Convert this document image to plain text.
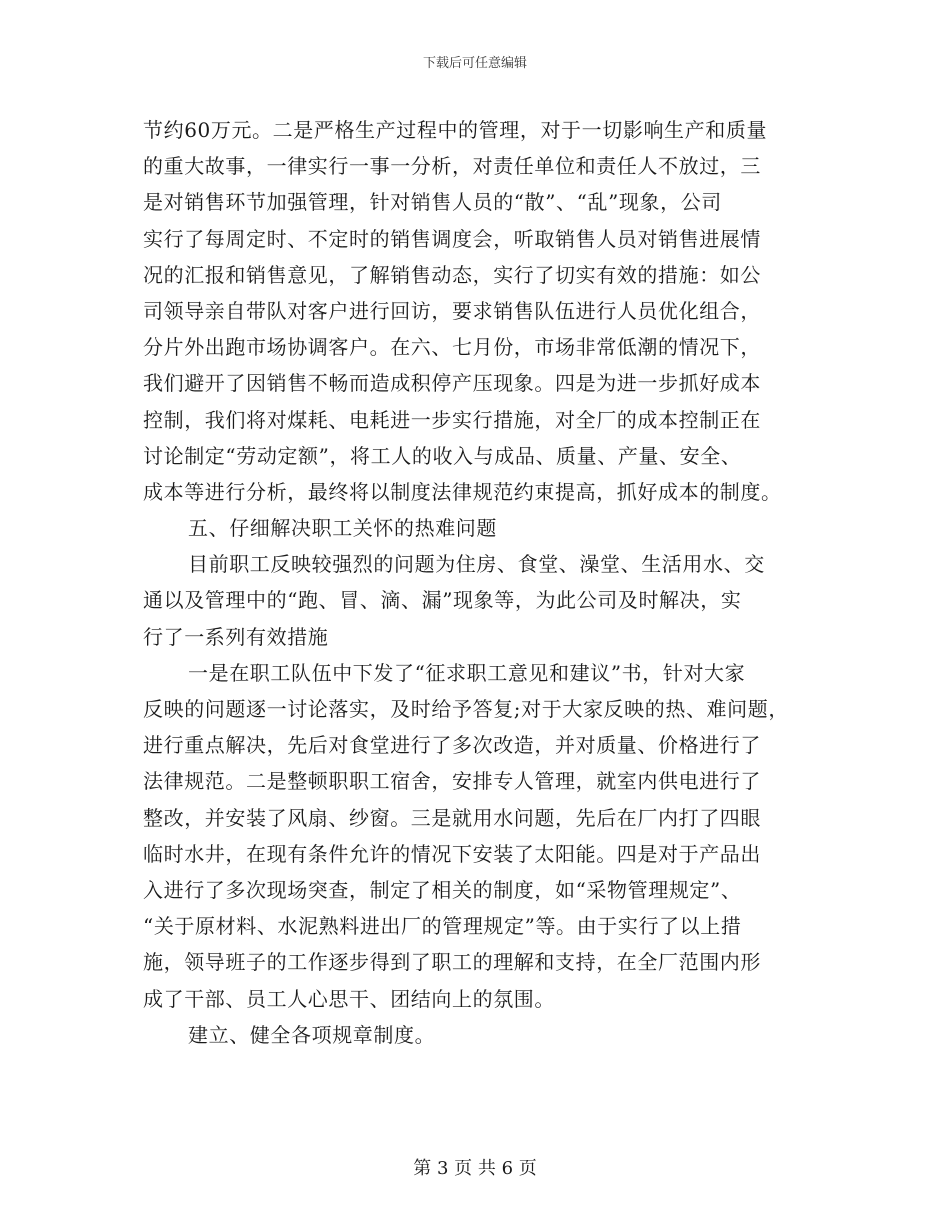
下载后可任意编辑
节约60万元。二是严格生产过程中的管理，对于一切影响生产和质量
的重大故事，一律实行一事一分析，对责任单位和责任人不放过，三
是对销售环节加强管理，针对销售人员的“散”、“乱”现象，公司
实行了每周定时、不定时的销售调度会，听取销售人员对销售进展情
况的汇报和销售意见，了解销售动态，实行了切实有效的措施：如公
司领导亲自带队对客户进行回访，要求销售队伍进行人员优化组合，
分片外出跑市场协调客户。在六、七月份，市场非常低潮的情况下，
我们避开了因销售不畅而造成积停产压现象。四是为进一步抓好成本
控制，我们将对煤耗、电耗进一步实行措施，对全厂的成本控制正在
讨论制定“劳动定额”，将工人的收入与成品、质量、产量、安全、
成本等进行分析，最终将以制度法律规范约束提高，抓好成本的制度。
五、仔细解决职工关怀的热难问题
目前职工反映较强烈的问题为住房、食堂、澡堂、生活用水、交
通以及管理中的“跑、冒、滴、漏”现象等，为此公司及时解决，实
行了一系列有效措施
一是在职工队伍中下发了“征求职工意见和建议”书，针对大家
反映的问题逐一讨论落实，及时给予答复;对于大家反映的热、难问题，
进行重点解决，先后对食堂进行了多次改造，并对质量、价格进行了
法律规范。二是整顿职职工宿舍，安排专人管理，就室内供电进行了
整改，并安装了风扇、纱窗。三是就用水问题，先后在厂内打了四眼
临时水井，在现有条件允许的情况下安装了太阳能。四是对于产品出
入进行了多次现场突查，制定了相关的制度，如“采物管理规定”、
“关于原材料、水泥熟料进出厂的管理规定”等。由于实行了以上措
施，领导班子的工作逐步得到了职工的理解和支持，在全厂范围内形
成了干部、员工人心思干、团结向上的氛围。
建立、健全各项规章制度。
第 3 页 共 6 页
